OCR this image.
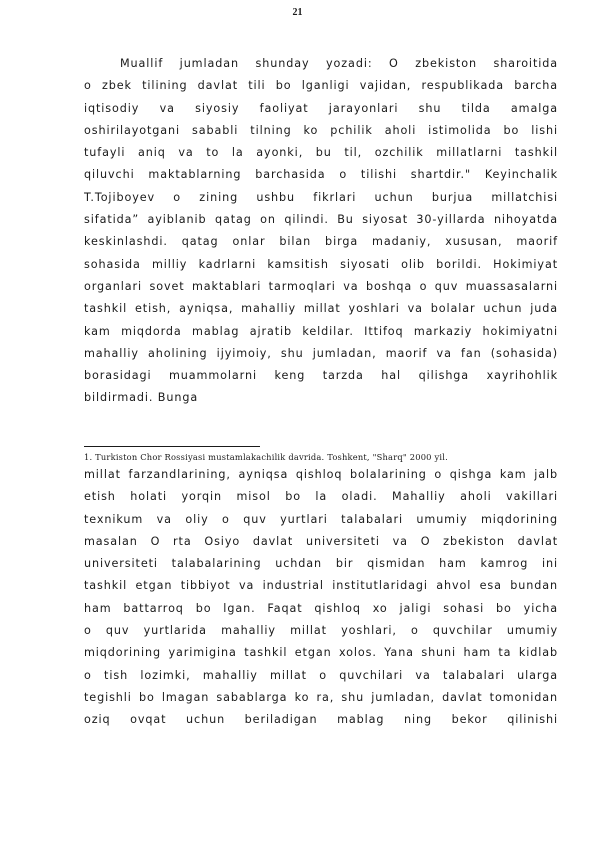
21
Muallif jumladan shunday yozadi: O zbekiston sharoitida
o zbek tilining davlat tili bo lganligi vajidan, respublikada barcha
iqtisodiy va siyosiy faoliyat jarayonlari shu tilda amalga
oshirilayotgani sababli tilning ko pchilik aholi istimolida bo lishi
tufayli aniq va to la ayonki, bu til, ozchilik millatlarni tashkil
qiluvchi maktablarning barchasida o tilishi shartdir." Keyinchalik
T.Tojiboyev o zining ushbu fikrlari uchun burjua millatchisi
sifatida” ayiblanib qatag on qilindi. Bu siyosat 30-yillarda nihoyatda
keskinlashdi. qatag onlar bilan birga madaniy, xususan, maorif
sohasida milliy kadrlarni kamsitish siyosati olib borildi. Hokimiyat
organlari sovet maktablari tarmoqlari va boshqa o quv muassasalarni
tashkil etish, ayniqsa, mahalliy millat yoshlari va bolalar uchun juda
kam miqdorda mablag ajratib keldilar. Ittifoq markaziy hokimiyatni
mahalliy aholining ijyimoiy, shu jumladan, maorif va fan (sohasida)
borasidagi muammolarni keng tarzda hal qilishga xayrihohlik
bildirmadi. Bunga
1. Turkiston Chor Rossiyasi mustamlakachilik davrida. Toshkent, "Sharq" 2000 yil.
millat farzandlarining, ayniqsa qishloq bolalarining o qishga kam jalb
etish holati yorqin misol bo la oladi. Mahalliy aholi vakillari
texnikum va oliy o quv yurtlari talabalari umumiy miqdorining
masalan O rta Osiyo davlat universiteti va O zbekiston davlat
universiteti talabalarining uchdan bir qismidan ham kamrog ini
tashkil etgan tibbiyot va industrial institutlaridagi ahvol esa bundan
ham battarroq bo lgan. Faqat qishloq xo jaligi sohasi bo yicha
o quv yurtlarida mahalliy millat yoshlari, o quvchilar umumiy
miqdorining yarimigina tashkil etgan xolos. Yana shuni ham ta kidlab
o tish lozimki, mahalliy millat o quvchilari va talabalari ularga
tegishli bo lmagan sabablarga ko ra, shu jumladan, davlat tomonidan
oziq ovqat uchun beriladigan mablag ning bekor qilinishi
